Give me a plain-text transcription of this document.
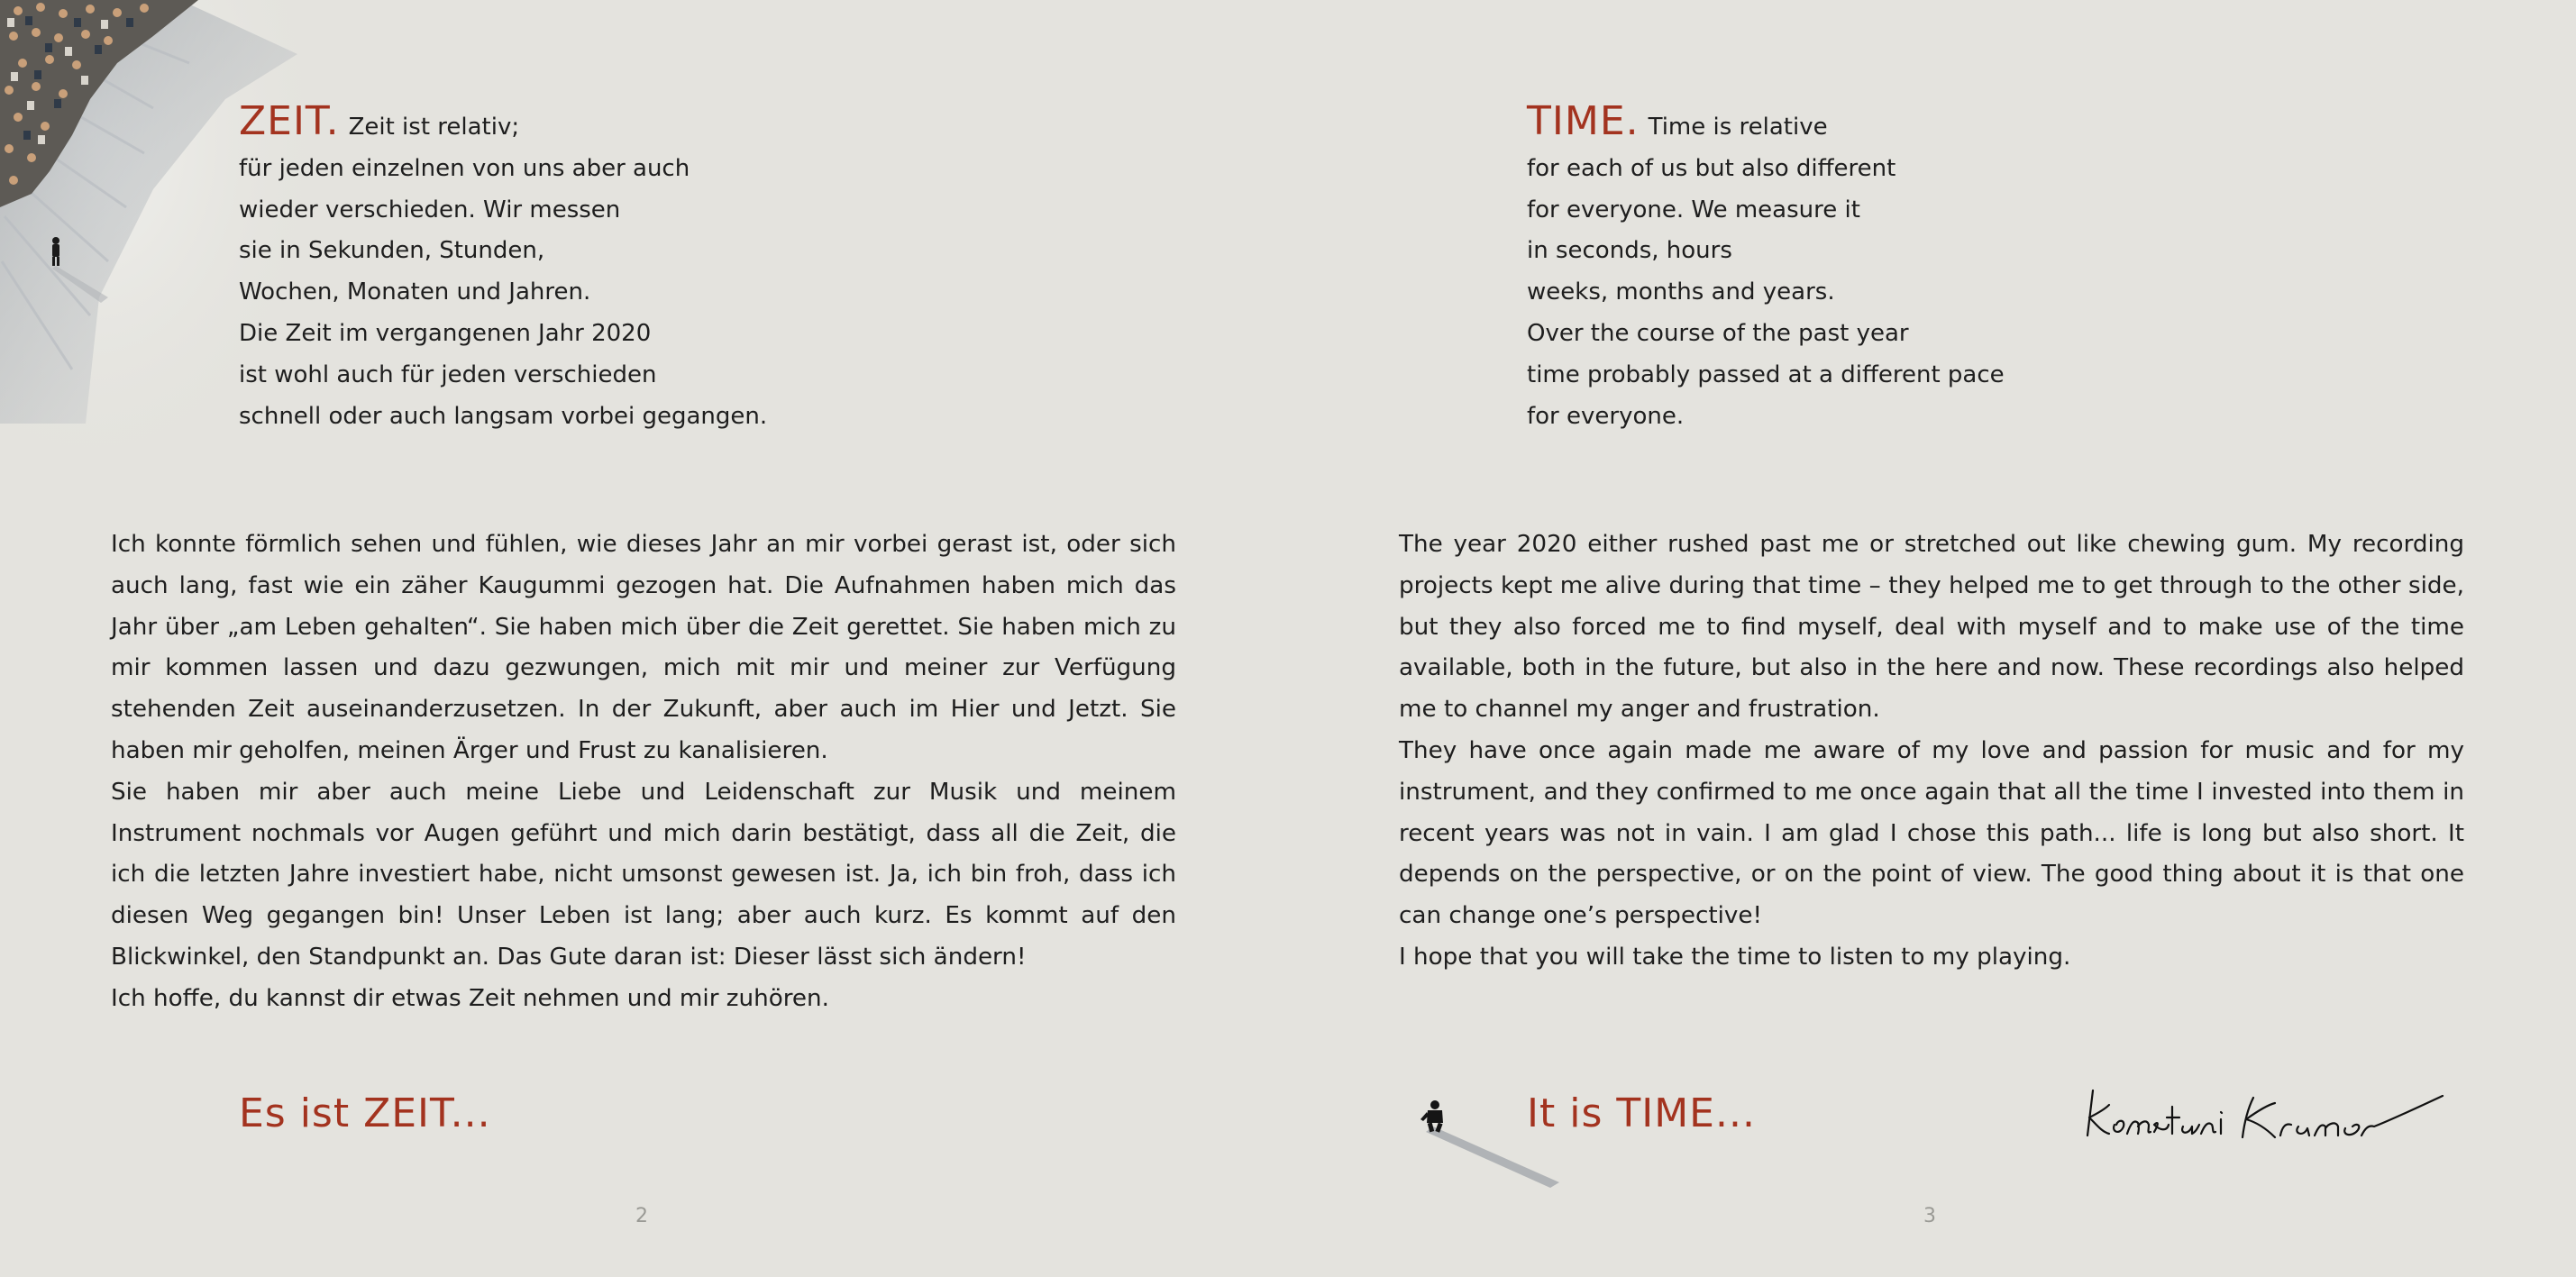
ZEIT. Zeit ist relativ;
für jeden einzelnen von uns aber auch
wieder verschieden. Wir messen
sie in Sekunden, Stunden,
Wochen, Monaten und Jahren.
Die Zeit im vergangenen Jahr 2020
ist wohl auch für jeden verschieden
schnell oder auch langsam vorbei gegangen.

Ich konnte förmlich sehen und fühlen, wie dieses Jahr an mir vorbei gerast ist, oder sich auch lang, fast wie ein zäher Kaugummi gezogen hat. Die Aufnahmen haben mich das Jahr über „am Leben gehalten“. Sie haben mich über die Zeit gerettet. Sie haben mich zu mir kommen lassen und dazu gezwungen, mich mit mir und meiner zur Verfügung stehenden Zeit auseinanderzusetzen. In der Zukunft, aber auch im Hier und Jetzt. Sie haben mir geholfen, meinen Ärger und Frust zu kanalisieren.

Sie haben mir aber auch meine Liebe und Leidenschaft zur Musik und meinem Instrument nochmals vor Augen geführt und mich darin bestätigt, dass all die Zeit, die ich die letzten Jahre investiert habe, nicht umsonst gewesen ist. Ja, ich bin froh, dass ich diesen Weg gegangen bin! Unser Leben ist lang; aber auch kurz. Es kommt auf den Blickwinkel, den Standpunkt an. Das Gute daran ist: Dieser lässt sich ändern!

Ich hoffe, du kannst dir etwas Zeit nehmen und mir zuhören.

Es ist ZEIT...
2
TIME. Time is relative
for each of us but also different
for everyone. We measure it
in seconds, hours
weeks, months and years.
Over the course of the past year
time probably passed at a different pace
for everyone.

The year 2020 either rushed past me or stretched out like chewing gum. My recording projects kept me alive during that time – they helped me to get through to the other side, but they also forced me to find myself, deal with myself and to make use of the time available, both in the future, but also in the here and now. These recordings also helped me to channel my anger and frustration.

They have once again made me aware of my love and passion for music and for my instrument, and they confirmed to me once again that all the time I invested into them in recent years was not in vain. I am glad I chose this path... life is long but also short. It depends on the perspective, or on the point of view. The good thing about it is that one can change one’s perspective!

I hope that you will take the time to listen to my playing.

It is TIME...
3
